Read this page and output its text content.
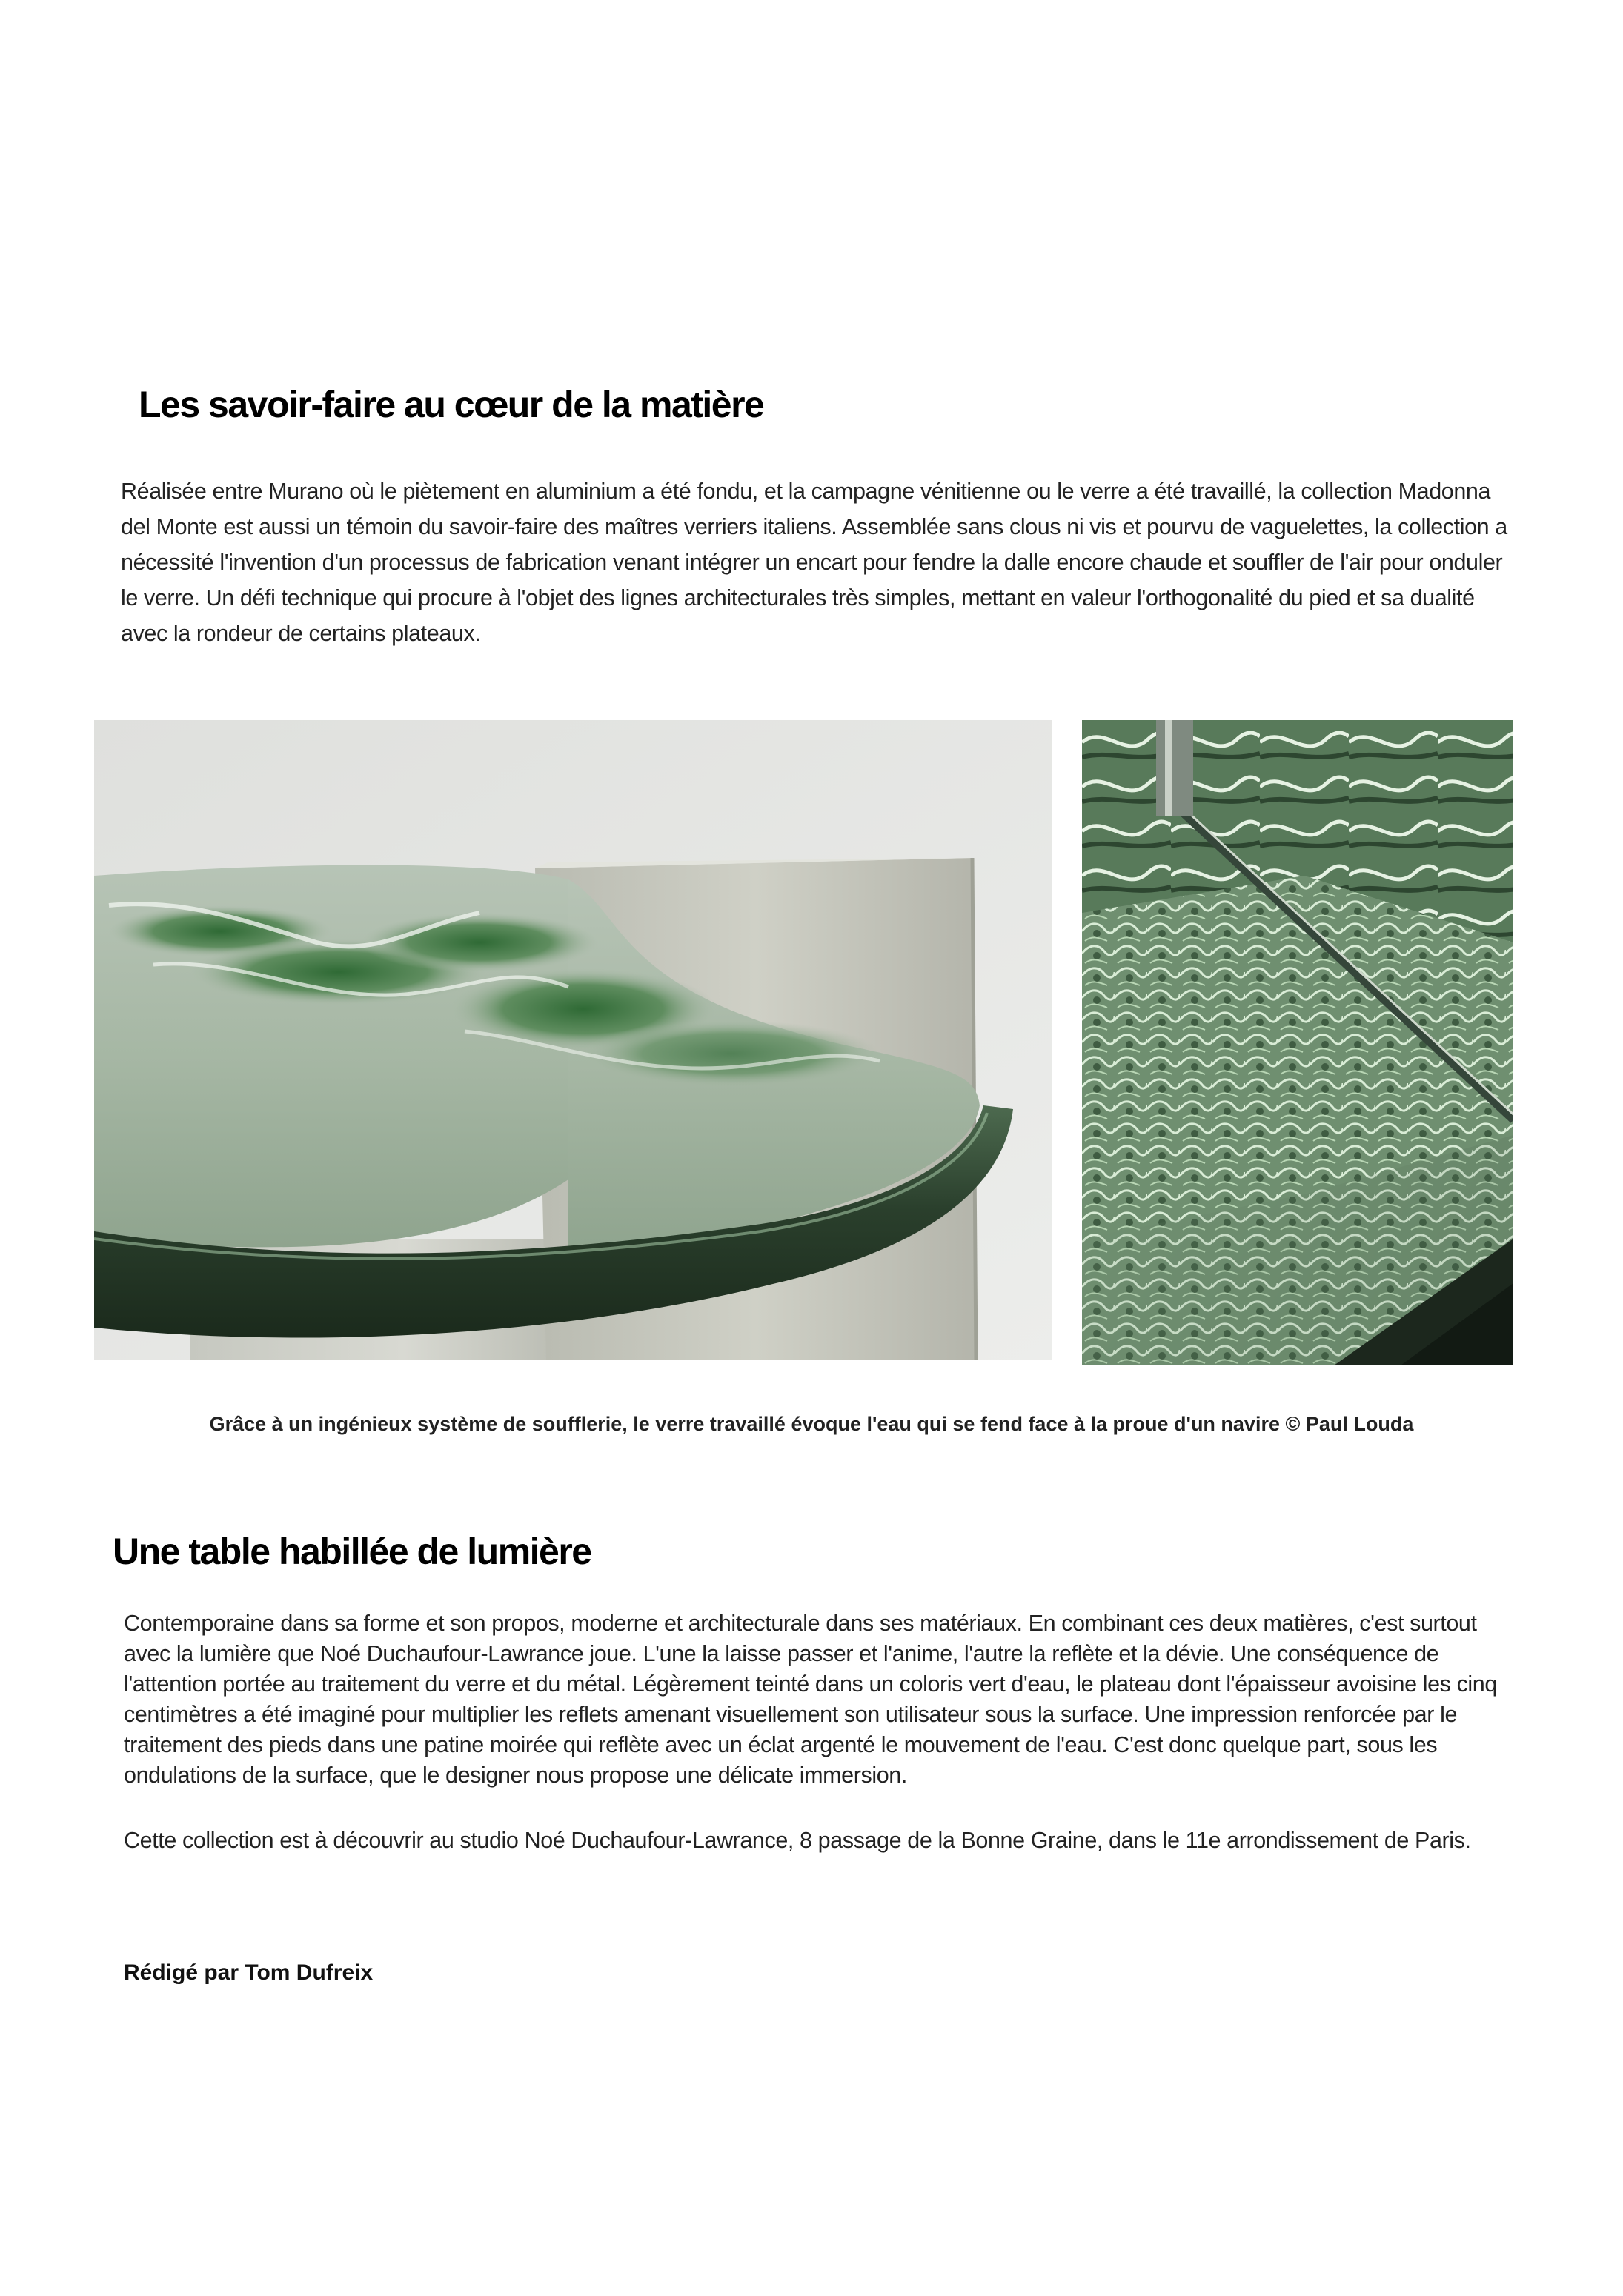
Les savoir-faire au cœur de la matière
Réalisée entre Murano où le piètement en aluminium a été fondu, et la campagne vénitienne ou le verre a été travaillé, la collection Madonna del Monte est aussi un témoin du savoir-faire des maîtres verriers italiens. Assemblée sans clous ni vis et pourvu de vaguelettes, la collection a nécessité l'invention d'un processus de fabrication venant intégrer un encart pour fendre la dalle encore chaude et souffler de l'air pour onduler le verre. Un défi technique qui procure à l'objet des lignes architecturales très simples, mettant en valeur l'orthogonalité du pied et sa dualité avec la rondeur de certains plateaux.
Grâce à un ingénieux système de soufflerie, le verre travaillé évoque l'eau qui se fend face à la proue d'un navire © Paul Louda
Une table habillée de lumière
Contemporaine dans sa forme et son propos, moderne et architecturale dans ses matériaux. En combinant ces deux matières, c'est surtout avec la lumière que Noé Duchaufour-Lawrance joue. L'une la laisse passer et l'anime, l'autre la reflète et la dévie. Une conséquence de l'attention portée au traitement du verre et du métal. Légèrement teinté dans un coloris vert d'eau, le plateau dont l'épaisseur avoisine les cinq centimètres a été imaginé pour multiplier les reflets amenant visuellement son utilisateur sous la surface. Une impression renforcée par le traitement des pieds dans une patine moirée qui reflète avec un éclat argenté le mouvement de l'eau. C'est donc quelque part, sous les ondulations de la surface, que le designer nous propose une délicate immersion.
Cette collection est à découvrir au studio Noé Duchaufour-Lawrance, 8 passage de la Bonne Graine, dans le 11e arrondissement de Paris.
Rédigé par Tom Dufreix
